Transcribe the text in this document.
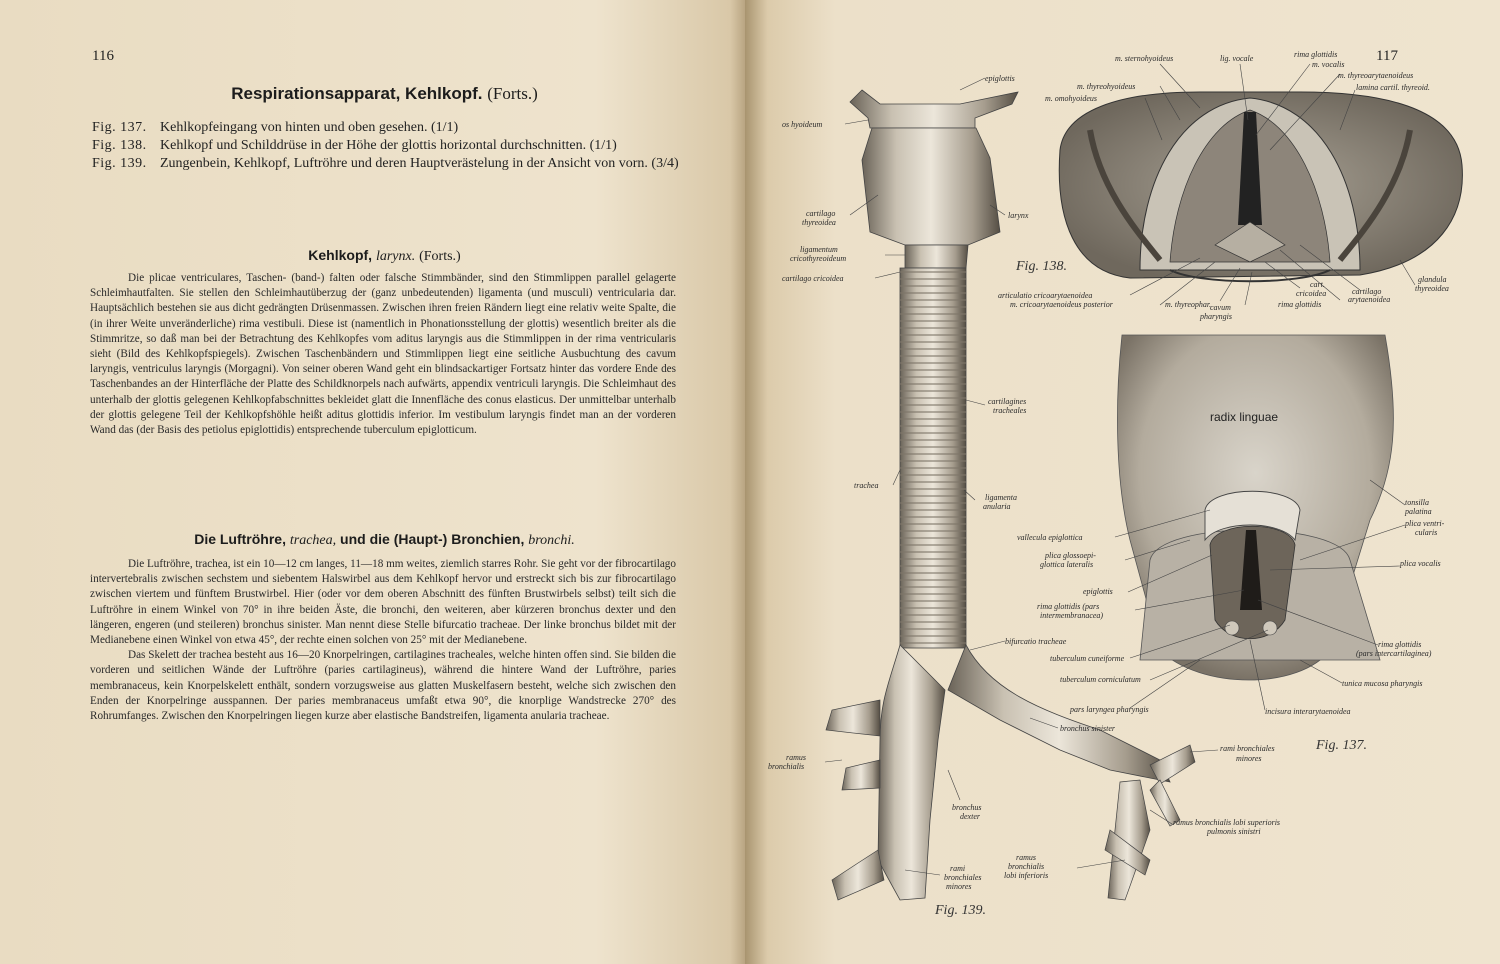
116
Respirationsapparat, Kehlkopf. (Forts.)
Fig. 137. Kehlkopfeingang von hinten und oben gesehen. (1/1)
Fig. 138. Kehlkopf und Schilddrüse in der Höhe der glottis horizontal durchschnitten. (1/1)
Fig. 139. Zungenbein, Kehlkopf, Luftröhre und deren Hauptverästelung in der Ansicht von vorn. (3/4)
Kehlkopf, larynx. (Forts.)

Die plicae ventriculares, Taschen- (band-) falten oder falsche Stimmbänder, sind den Stimmlippen parallel gelagerte Schleimhautfalten. Sie stellen den Schleimhautüberzug der (ganz unbedeutenden) ligamenta (und musculi) ventricularia dar. Hauptsächlich bestehen sie aus dicht gedrängten Drüsenmassen. Zwischen ihren freien Rändern liegt eine relativ weite Spalte, die (in ihrer Weite unveränderliche) rima vestibuli. Diese ist (namentlich in Phonationsstellung der glottis) wesentlich breiter als die Stimmritze, so daß man bei der Betrachtung des Kehlkopfes vom aditus laryngis aus die Stimmlippen in der rima ventricularis sieht (Bild des Kehlkopfspiegels). Zwischen Taschenbändern und Stimmlippen liegt eine seitliche Ausbuchtung des cavum laryngis, ventriculus laryngis (Morgagni). Von seiner oberen Wand geht ein blindsackartiger Fortsatz hinter das vordere Ende des Taschenbandes an der Hinterfläche der Platte des Schildknorpels nach aufwärts, appendix ventriculi laryngis. Die Schleimhaut des unterhalb der glottis gelegenen Kehlkopfabschnittes bekleidet glatt die Innenfläche des conus elasticus. Der unmittelbar unterhalb der glottis gelegene Teil der Kehlkopfshöhle heißt aditus glottidis inferior. Im vestibulum laryngis findet man an der vorderen Wand das (der Basis des petiolus epiglottidis) entsprechende tuberculum epiglotticum.

Die Luftröhre, trachea, und die (Haupt-) Bronchien, bronchi.

Die Luftröhre, trachea, ist ein 10—12 cm langes, 11—18 mm weites, ziemlich starres Rohr. Sie geht vor der fibrocartilago intervertebralis zwischen sechstem und siebentem Halswirbel aus dem Kehlkopf hervor und erstreckt sich bis zur fibrocartilago zwischen viertem und fünftem Brustwirbel. Hier (oder vor dem oberen Abschnitt des fünften Brustwirbels selbst) teilt sich die Luftröhre in einem Winkel von 70° in ihre beiden Äste, die bronchi, den weiteren, aber kürzeren bronchus dexter und den längeren, engeren (und steileren) bronchus sinister. Man nennt diese Stelle bifurcatio tracheae. Der linke bronchus bildet mit der Medianebene einen Winkel von etwa 45°, der rechte einen solchen von 25° mit der Medianebene.

Das Skelett der trachea besteht aus 16—20 Knorpelringen, cartilagines tracheales, welche hinten offen sind. Sie bilden die vorderen und seitlichen Wände der Luftröhre (paries cartilagineus), während die hintere Wand der Luftröhre, paries membranaceus, kein Knorpelskelett enthält, sondern vorzugsweise aus glatten Muskelfasern besteht, welche sich zwischen den Enden der Knorpelringe ausspannen. Der paries membranaceus umfaßt etwa 90°, die knorplige Wandstrecke 270° des Rohrumfanges. Zwischen den Knorpelringen liegen kurze aber elastische Bandstreifen, ligamenta anularia tracheae.

117
epiglottis
os hyoideum
cartilago
thyreoidea
larynx
ligamentum
cricothyreoideum
cartilago cricoidea
cartilagines
tracheales
trachea
ligamenta
anularia
bifurcatio tracheae
bronchus sinister
ramus
bronchialis
rami bronchiales
minores
bronchus
dexter
ramus bronchialis lobi superioris
pulmonis sinistri
ramus
bronchialis
lobi inferioris
rami
bronchiales
minores
Fig. 139.
m. sternohyoideus	lig. vocale	rima glottidis
m. vocalis
m. thyreohyoideus
m. omohyoideus
m. thyreoarytaenoideus
lamina cartil. thyreoid.
glandula
thyreoidea
articulatio cricoarytaenoidea
m. cricoarytaenoideus posterior	m. thyreophar.
cavum
pharyngis
cart.
cricoidea
rima glottidis
cartilago
arytaenoidea
Fig. 138.
radix linguae
tonsilla
palatina
plica ventri-
cularis
vallecula epiglottica
plica glossoepi-
glottica lateralis	plica vocalis
epiglottis
rima glottidis (pars
intermembranacea)
rima glottidis
(pars intercartilaginea)
tuberculum cuneiforme
tuberculum corniculatum	tunica mucosa pharyngis
pars laryngea pharyngis	incisura interarytaenoidea
Fig. 137.
